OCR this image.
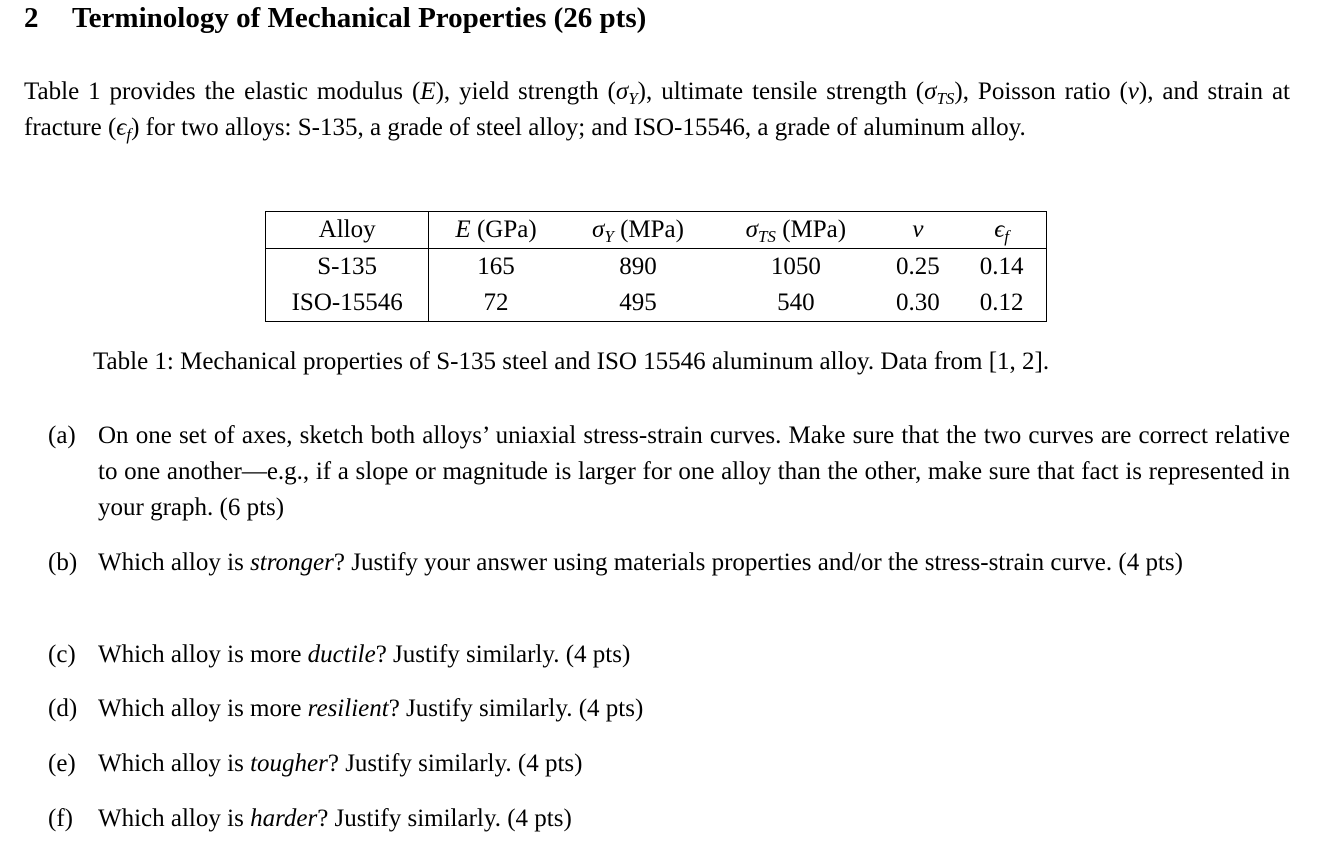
2 Terminology of Mechanical Properties (26 pts)
Table 1 provides the elastic modulus (E), yield strength $(\sigma_Y)$, ultimate tensile strength $(\sigma_{TS})$, Poisson ratio (ν), and strain at fracture $(\epsilon_f)$ for two alloys: S-135, a grade of steel alloy; and ISO-15546, a grade of aluminum alloy.
Alloy	E (GPa)	$\sigma_Y$ (MPa)	$\sigma_{TS}$ (MPa)	ν	$\epsilon_f$
S-135	165	890	1050	0.25	0.14
ISO-15546	72	495	540	0.30	0.12
Table 1: Mechanical properties of S-135 steel and ISO 15546 aluminum alloy. Data from [1, 2].
(a) On one set of axes, sketch both alloys’ uniaxial stress-strain curves. Make sure that the two curves are correct relative to one another—e.g., if a slope or magnitude is larger for one alloy than the other, make sure that fact is represented in your graph. (6 pts)
(b) Which alloy is stronger? Justify your answer using materials properties and/or the stress-strain curve. (4 pts)
(c) Which alloy is more ductile? Justify similarly. (4 pts)
(d) Which alloy is more resilient? Justify similarly. (4 pts)
(e) Which alloy is tougher? Justify similarly. (4 pts)
(f) Which alloy is harder? Justify similarly. (4 pts)
